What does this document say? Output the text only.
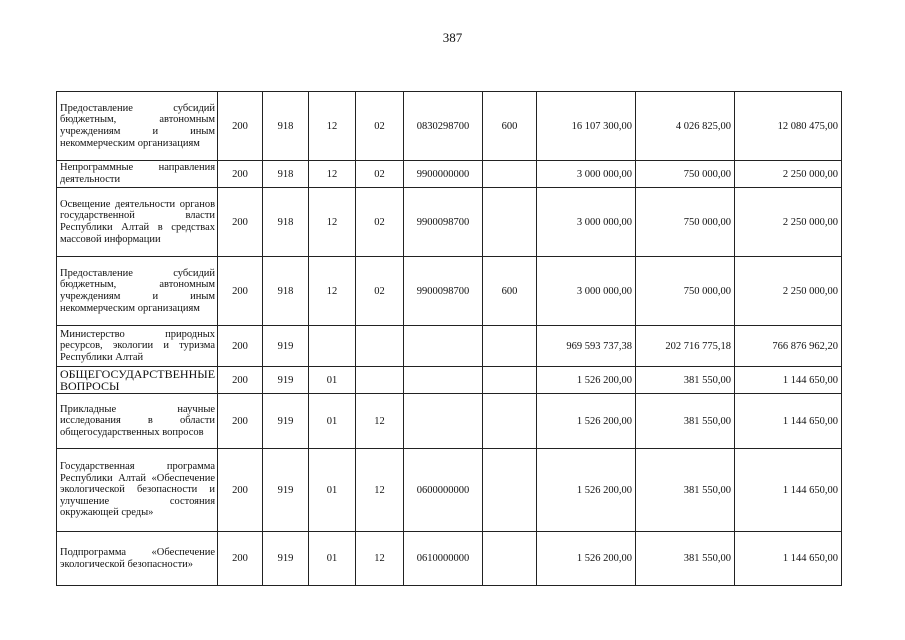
387
Предоставление субсидий бюджетным, автономным учреждениям и иным некоммерческим организациям	200	918	12	02	0830298700	600	16 107 300,00	4 026 825,00	12 080 475,00
Непрограммные направления деятельности	200	918	12	02	9900000000		3 000 000,00	750 000,00	2 250 000,00
Освещение деятельности органов государственной власти Республики Алтай в средствах массовой информации	200	918	12	02	9900098700		3 000 000,00	750 000,00	2 250 000,00
Предоставление субсидий бюджетным, автономным учреждениям и иным некоммерческим организациям	200	918	12	02	9900098700	600	3 000 000,00	750 000,00	2 250 000,00
Министерство природных ресурсов, экологии и туризма Республики Алтай	200	919					969 593 737,38	202 716 775,18	766 876 962,20
ОБЩЕГОСУДАРСТВЕННЫЕ ВОПРОСЫ	200	919	01				1 526 200,00	381 550,00	1 144 650,00
Прикладные научные исследования в области общегосударственных вопросов	200	919	01	12			1 526 200,00	381 550,00	1 144 650,00
Государственная программа Республики Алтай «Обеспечение экологической безопасности и улучшение состояния окружающей среды»	200	919	01	12	0600000000		1 526 200,00	381 550,00	1 144 650,00
Подпрограмма «Обеспечение экологической безопасности»	200	919	01	12	0610000000		1 526 200,00	381 550,00	1 144 650,00
